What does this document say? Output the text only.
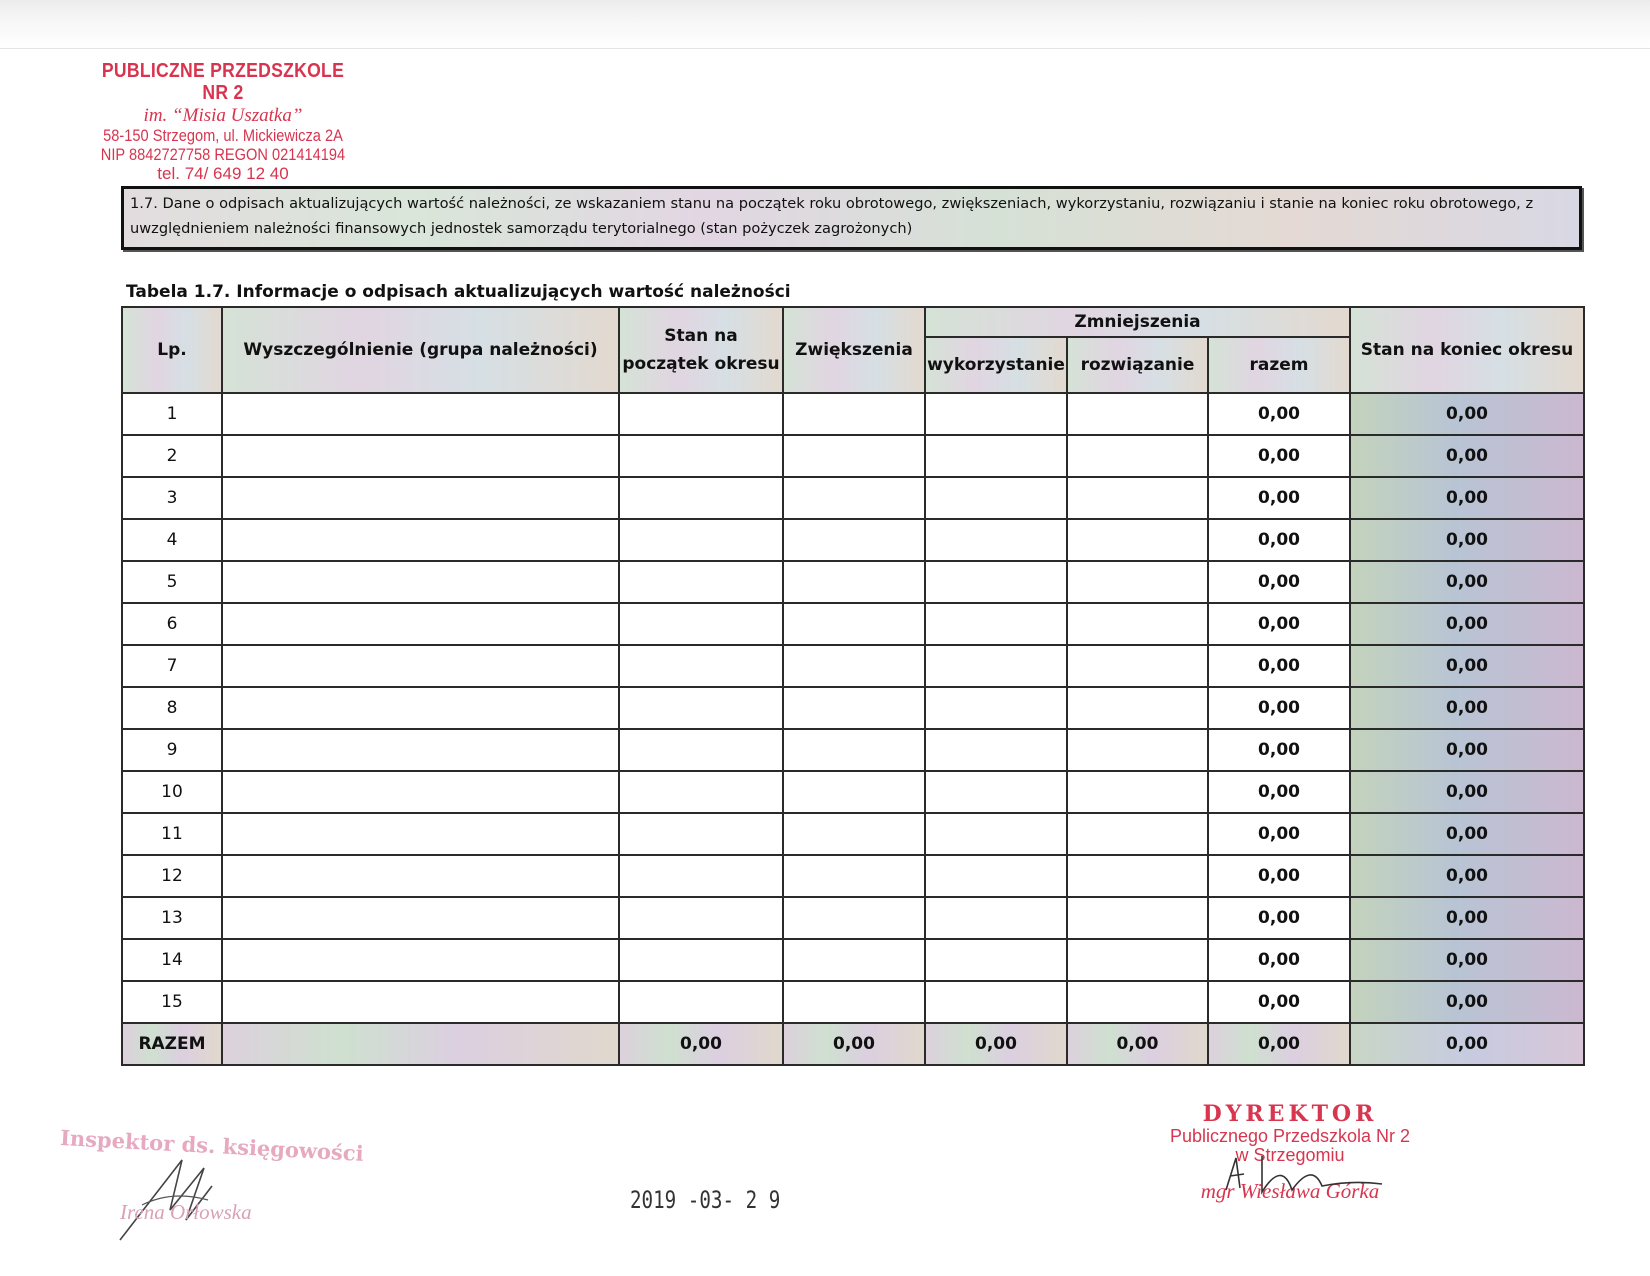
PUBLICZNE PRZEDSZKOLE NR 2
im. “Misia Uszatka”
58-150 Strzegom, ul. Mickiewicza 2A
NIP 8842727758 REGON 021414194
tel. 74/ 649 12 40
1.7. Dane o odpisach aktualizujących wartość należności, ze wskazaniem stanu na początek roku obrotowego, zwiększeniach, wykorzystaniu, rozwiązaniu i stanie na koniec roku obrotowego, z uwzględnieniem należności finansowych jednostek samorządu terytorialnego (stan pożyczek zagrożonych)
Tabela 1.7. Informacje o odpisach aktualizujących wartość należności
Lp.	Wyszczególnienie (grupa należności)	Stan na początek okresu	Zwiększenia	Zmniejszenia			Stan na koniec okresu
				wykorzystanie	rozwiązanie	razem	
1						0,00	0,00
2						0,00	0,00
3						0,00	0,00
4						0,00	0,00
5						0,00	0,00
6						0,00	0,00
7						0,00	0,00
8						0,00	0,00
9						0,00	0,00
10						0,00	0,00
11						0,00	0,00
12						0,00	0,00
13						0,00	0,00
14						0,00	0,00
15						0,00	0,00
RAZEM		0,00	0,00	0,00	0,00	0,00	0,00
Inspektor ds. księgowości
Irena Orłowska	2019 -03- 2 9
DYREKTOR
Publicznego Przedszkola Nr 2
w Strzegomiu
mgr Wiesława Górka
